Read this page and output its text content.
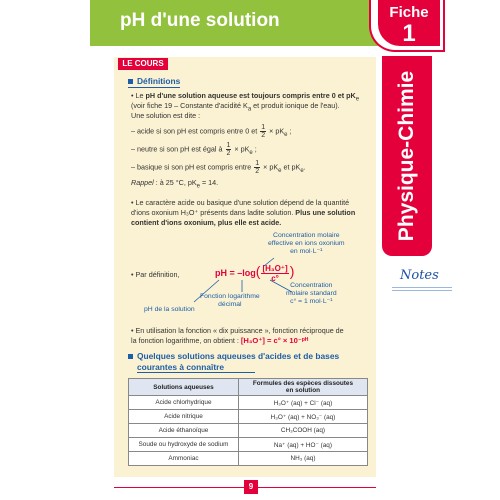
pH d'une solution	Fiche
1
Physique-Chimie
Notes
LE COURS
Définitions
• Le pH d'une solution aqueuse est toujours compris entre 0 et $pK_e$
(voir fiche 19 – Constante d'acidité $K_a$ et produit ionique de l'eau).
Une solution est dite :
– acide si son pH est compris entre 0 et $\frac{1}{2} \times pK_e$ ;
– neutre si son pH est égal à $\frac{1}{2} \times pK_e$ ;
– basique si son pH est compris entre $\frac{1}{2} \times pK_e$ et $pK_e$.
Rappel : à 25 °C, $pK_e = 14$.
• Le caractère acide ou basique d'une solution dépend de la quantité
d'ions oxonium H₃O⁺ présents dans ladite solution. Plus une solution
contient d'ions oxonium, plus elle est acide.
Concentration molaire
effective en ions oxonium
en mol·L⁻¹
• Par définition,	pH = $-\log( \frac{\text{[H₃O⁺]}}{c^\circ}$ )
Fonction logarithme
décimal
Concentration
molaire standard
c° = 1 mol·L⁻¹
pH de la solution
• En utilisation la fonction « dix puissance », fonction réciproque de
la fonction logarithme, on obtient : [H₃O⁺] = c° × 10⁻ᵖᴴ
Quelques solutions aqueuses d'acides et de bases
courantes à connaître
Solutions aqueuses	Formules des espèces dissoutes
en solution
Acide chlorhydrique	H₃O⁺ (aq) + Cl⁻ (aq)
Acide nitrique	H₃O⁺ (aq) + NO₃⁻ (aq)
Acide éthanoïque	CH₃COOH (aq)
Soude ou hydroxyde de sodium	Na⁺ (aq) + HO⁻ (aq)
Ammoniac	NH₃ (aq)
9
